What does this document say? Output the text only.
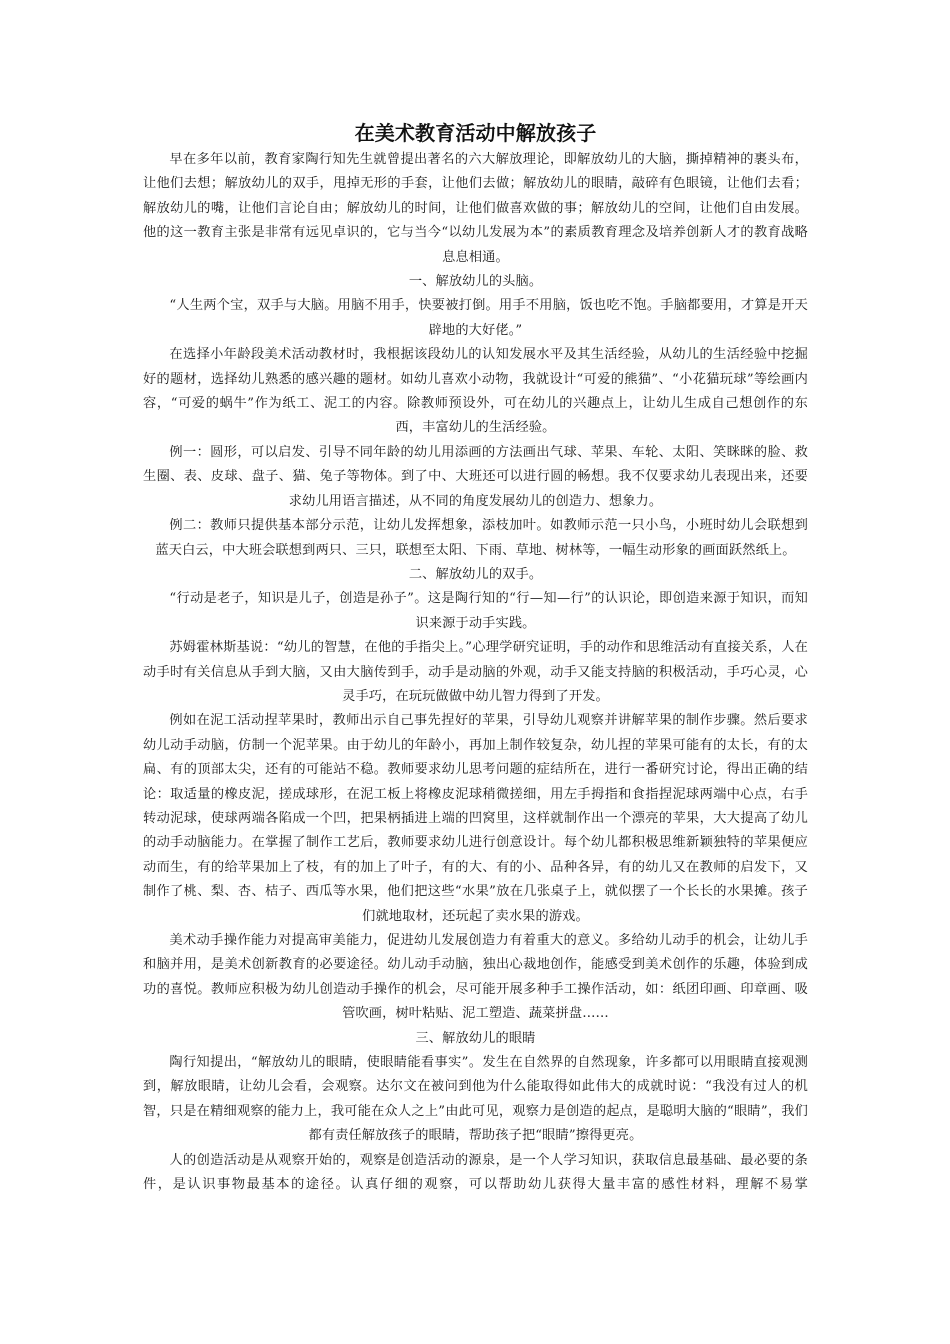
在美术教育活动中解放孩子

早在多年以前，教育家陶行知先生就曾提出著名的六大解放理论，即解放幼儿的大脑，撕掉精神的裹头布，让他们去想；解放幼儿的双手，甩掉无形的手套，让他们去做；解放幼儿的眼睛，敲碎有色眼镜，让他们去看；解放幼儿的嘴，让他们言论自由；解放幼儿的时间，让他们做喜欢做的事；解放幼儿的空间，让他们自由发展。他的这一教育主张是非常有远见卓识的，它与当今“以幼儿发展为本”的素质教育理念及培养创新人才的教育战略息息相通。

一、解放幼儿的头脑。

“人生两个宝，双手与大脑。用脑不用手，快要被打倒。用手不用脑，饭也吃不饱。手脑都要用，才算是开天辟地的大好佬。”

在选择小年龄段美术活动教材时，我根据该段幼儿的认知发展水平及其生活经验，从幼儿的生活经验中挖掘好的题材，选择幼儿熟悉的感兴趣的题材。如幼儿喜欢小动物，我就设计“可爱的熊猫”、“小花猫玩球”等绘画内容，“可爱的蜗牛”作为纸工、泥工的内容。除教师预设外，可在幼儿的兴趣点上，让幼儿生成自己想创作的东西，丰富幼儿的生活经验。

例一：圆形，可以启发、引导不同年龄的幼儿用添画的方法画出气球、苹果、车轮、太阳、笑眯眯的脸、救生圈、表、皮球、盘子、猫、兔子等物体。到了中、大班还可以进行圆的畅想。我不仅要求幼儿表现出来，还要求幼儿用语言描述，从不同的角度发展幼儿的创造力、想象力。

例二：教师只提供基本部分示范，让幼儿发挥想象，添枝加叶。如教师示范一只小鸟，小班时幼儿会联想到蓝天白云，中大班会联想到两只、三只，联想至太阳、下雨、草地、树林等，一幅生动形象的画面跃然纸上。

二、解放幼儿的双手。

“行动是老子，知识是儿子，创造是孙子”。这是陶行知的“行—知—行”的认识论，即创造来源于知识，而知识来源于动手实践。

苏姆霍林斯基说：“幼儿的智慧，在他的手指尖上。”心理学研究证明，手的动作和思维活动有直接关系，人在动手时有关信息从手到大脑，又由大脑传到手，动手是动脑的外观，动手又能支持脑的积极活动，手巧心灵，心灵手巧，在玩玩做做中幼儿智力得到了开发。

例如在泥工活动捏苹果时，教师出示自己事先捏好的苹果，引导幼儿观察并讲解苹果的制作步骤。然后要求幼儿动手动脑，仿制一个泥苹果。由于幼儿的年龄小，再加上制作较复杂，幼儿捏的苹果可能有的太长，有的太扁、有的顶部太尖，还有的可能站不稳。教师要求幼儿思考问题的症结所在，进行一番研究讨论，得出正确的结论：取适量的橡皮泥，搓成球形，在泥工板上将橡皮泥球稍微搓细，用左手拇指和食指捏泥球两端中心点，右手转动泥球，使球两端各陷成一个凹，把果柄插进上端的凹窝里，这样就制作出一个漂亮的苹果，大大提高了幼儿的动手动脑能力。在掌握了制作工艺后，教师要求幼儿进行创意设计。每个幼儿都积极思维新颖独特的苹果便应动而生，有的给苹果加上了枝，有的加上了叶子，有的大、有的小、品种各异，有的幼儿又在教师的启发下，又制作了桃、梨、杏、桔子、西瓜等水果，他们把这些“水果”放在几张桌子上，就似摆了一个长长的水果摊。孩子们就地取材，还玩起了卖水果的游戏。

美术动手操作能力对提高审美能力，促进幼儿发展创造力有着重大的意义。多给幼儿动手的机会，让幼儿手和脑并用，是美术创新教育的必要途径。幼儿动手动脑，独出心裁地创作，能感受到美术创作的乐趣，体验到成功的喜悦。教师应积极为幼儿创造动手操作的机会，尽可能开展多种手工操作活动，如：纸团印画、印章画、吸管吹画，树叶粘贴、泥工塑造、蔬菜拼盘……

三、解放幼儿的眼睛

陶行知提出，“解放幼儿的眼睛，使眼睛能看事实”。发生在自然界的自然现象，许多都可以用眼睛直接观测到，解放眼睛，让幼儿会看，会观察。达尔文在被问到他为什么能取得如此伟大的成就时说：“我没有过人的机智，只是在精细观察的能力上，我可能在众人之上”由此可见，观察力是创造的起点，是聪明大脑的“眼睛”，我们都有责任解放孩子的眼睛，帮助孩子把“眼睛”擦得更亮。

人的创造活动是从观察开始的，观察是创造活动的源泉，是一个人学习知识，获取信息最基础、最必要的条件，是认识事物最基本的途径。认真仔细的观察，可以帮助幼儿获得大量丰富的感性材料，理解不易掌
